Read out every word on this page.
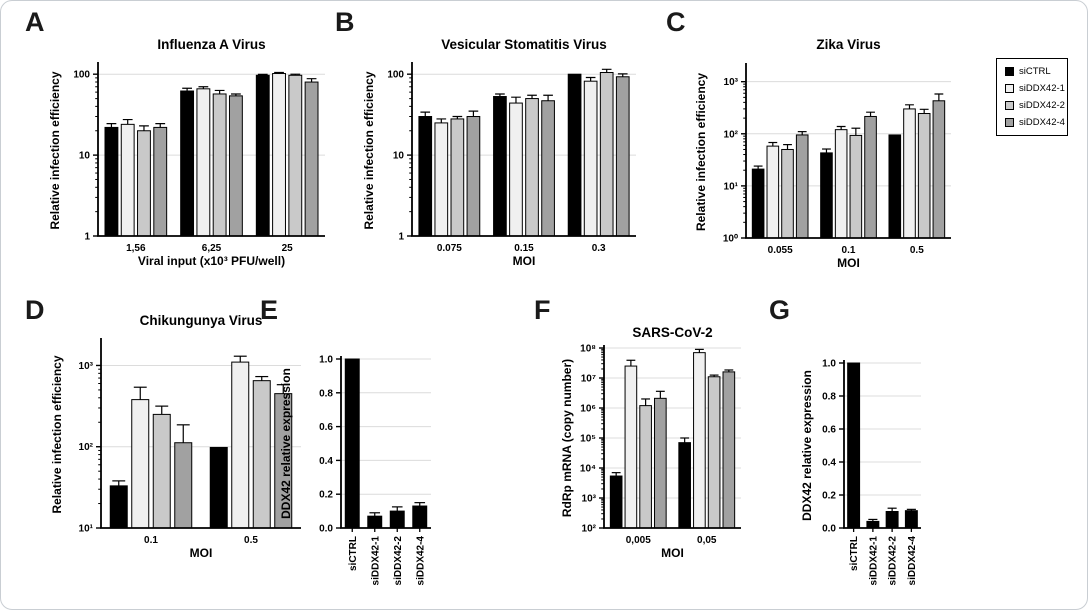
A	B	C
D	E	F	G
1,56	6,25	25
1
10
100
Influenza A Virus
Viral input (x10³ PFU/well)
Relative infection efficiency
0.075	0.15	0.3
1
10
100
Vesicular Stomatitis Virus
MOI
Relative infection efficiency
0.055	0.1	0.5
10⁰
10¹
10²
10³
Zika Virus
MOI
Relative infection efficiency
0.1	0.5
10¹
10²
10³
Chikungunya Virus
MOI
Relative infection efficiency
siCTRL siDDX42-1 siDDX42-2 siDDX42-4
0.0
0.2
0.4
0.6
0.8
1.0
DDX42 relative expression
0,005	0,05
10²
10³
10⁴
10⁵
10⁶
10⁷
10⁸
SARS-CoV-2
MOI
RdRp mRNA (copy number)
siCTRL siDDX42-1 siDDX42-2 siDDX42-4
0.0
0.2
0.4
0.6
0.8
1.0
DDX42 relative expression
siCTRL
siDDX42-1
siDDX42-2
siDDX42-4
